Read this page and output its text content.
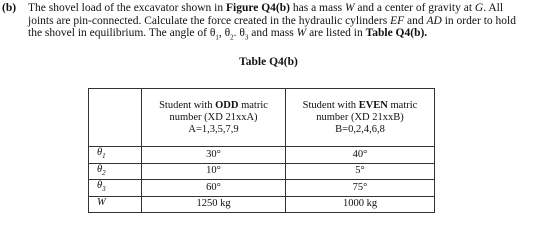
(b) The shovel load of the excavator shown in Figure Q4(b) has a mass W and a center of gravity at G. All joints are pin-connected. Calculate the force created in the hydraulic cylinders EF and AD in order to hold the shovel in equilibrium. The angle of $\theta_1$, $\theta_2$. $\theta_3$ and mass W are listed in Table Q4(b).
Table Q4(b)
	Student with ODD matric
number (XD 21xxA)
A=1,3,5,7,9	Student with EVEN matric
number (XD 21xxB)
B=0,2,4,6,8
$\theta_1$	30°	40°
$\theta_2$	10°	5°
$\theta_3$	60°	75°
W	1250 kg	1000 kg
